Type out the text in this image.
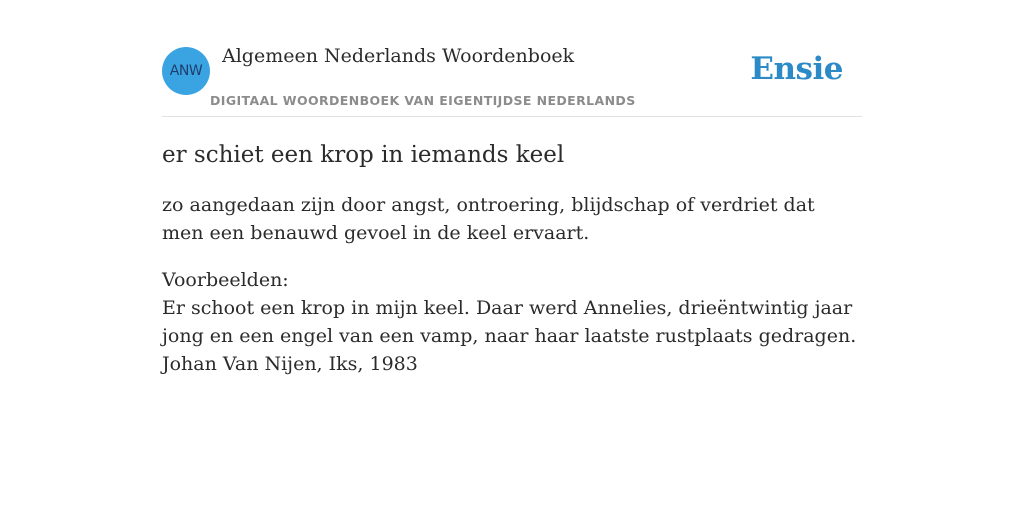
ANW
Algemeen Nederlands Woordenboek
DIGITAAL WOORDENBOEK VAN EIGENTIJDSE NEDERLANDS
Ensie
er schiet een krop in iemands keel

zo aangedaan zijn door angst, ontroering, blijdschap of verdriet dat men een benauwd gevoel in de keel ervaart.

Voorbeelden:
Er schoot een krop in mijn keel. Daar werd Annelies, drieëntwintig jaar jong en een engel van een vamp, naar haar laatste rustplaats gedragen.
Johan Van Nijen, Iks, 1983
